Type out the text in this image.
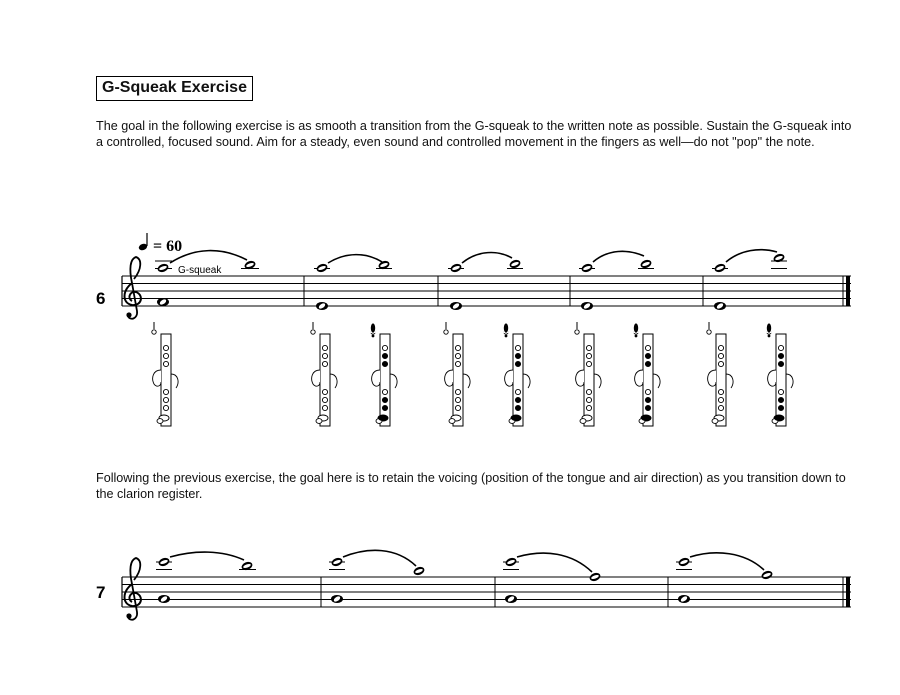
G-Squeak Exercise

The goal in the following exercise is as smooth a transition from the G-squeak to the written note as possible. Sustain the G-squeak into a controlled, focused sound. Aim for a steady, even sound and controlled movement in the fingers as well—do not "pop" the note.

Following the previous exercise, the goal here is to retain the voicing (position of the tongue and air direction) as you transition down to the clarion register.

6
= 60
G-squeak
7
